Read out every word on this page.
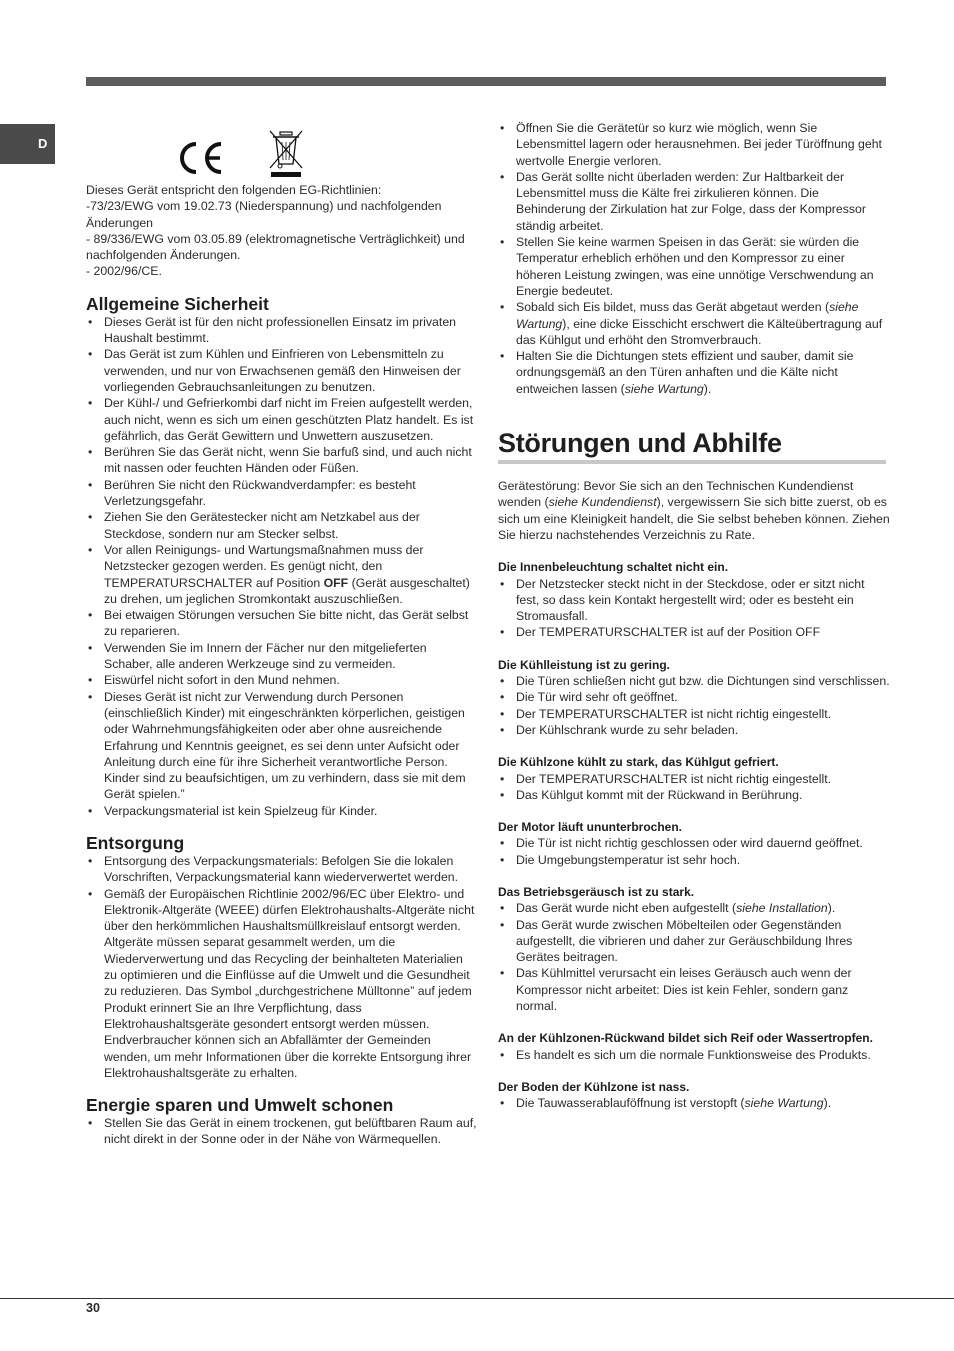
D

Dieses Gerät entspricht den folgenden EG-Richtlinien:

-73/23/EWG vom 19.02.73 (Niederspannung) und nachfolgenden Änderungen

- 89/336/EWG vom 03.05.89 (elektromagnetische Verträglichkeit) und nachfolgenden Änderungen.

- 2002/96/CE.

Allgemeine Sicherheit
• Dieses Gerät ist für den nicht professionellen Einsatz im privaten Haushalt bestimmt.
• Das Gerät ist zum Kühlen und Einfrieren von Lebensmitteln zu verwenden, und nur von Erwachsenen gemäß den Hinweisen der vorliegenden Gebrauchsanleitungen zu benutzen.
• Der Kühl-/ und Gefrierkombi darf nicht im Freien aufgestellt werden, auch nicht, wenn es sich um einen geschützten Platz handelt. Es ist gefährlich, das Gerät Gewittern und Unwettern auszusetzen.
• Berühren Sie das Gerät nicht, wenn Sie barfuß sind, und auch nicht mit nassen oder feuchten Händen oder Füßen.
• Berühren Sie nicht den Rückwandverdampfer: es besteht Verletzungsgefahr.
• Ziehen Sie den Gerätestecker nicht am Netzkabel aus der Steckdose, sondern nur am Stecker selbst.
• Vor allen Reinigungs- und Wartungsmaßnahmen muss der Netzstecker gezogen werden. Es genügt nicht, den TEMPERATURSCHALTER auf Position OFF (Gerät ausgeschaltet) zu drehen, um jeglichen Stromkontakt auszuschließen.
• Bei etwaigen Störungen versuchen Sie bitte nicht, das Gerät selbst zu reparieren.
• Verwenden Sie im Innern der Fächer nur den mitgelieferten Schaber, alle anderen Werkzeuge sind zu vermeiden.
• Eiswürfel nicht sofort in den Mund nehmen.
• Dieses Gerät ist nicht zur Verwendung durch Personen (einschließlich Kinder) mit eingeschränkten körperlichen, geistigen oder Wahrnehmungsfähigkeiten oder aber ohne ausreichende Erfahrung und Kenntnis geeignet, es sei denn unter Aufsicht oder Anleitung durch eine für ihre Sicherheit verantwortliche Person. Kinder sind zu beaufsichtigen, um zu verhindern, dass sie mit dem Gerät spielen.”
• Verpackungsmaterial ist kein Spielzeug für Kinder.
Entsorgung
• Entsorgung des Verpackungsmaterials: Befolgen Sie die lokalen Vorschriften, Verpackungsmaterial kann wiederverwertet werden.
• Gemäß der Europäischen Richtlinie 2002/96/EC über Elektro- und Elektronik-Altgeräte (WEEE) dürfen Elektrohaushalts-Altgeräte nicht über den herkömmlichen Haushaltsmüllkreislauf entsorgt werden. Altgeräte müssen separat gesammelt werden, um die Wiederverwertung und das Recycling der beinhalteten Materialien zu optimieren und die Einflüsse auf die Umwelt und die Gesundheit zu reduzieren. Das Symbol „durchgestrichene Mülltonne” auf jedem Produkt erinnert Sie an Ihre Verpflichtung, dass Elektrohaushaltsgeräte gesondert entsorgt werden müssen. Endverbraucher können sich an Abfallämter der Gemeinden wenden, um mehr Informationen über die korrekte Entsorgung ihrer Elektrohaushaltsgeräte zu erhalten.
Energie sparen und Umwelt schonen
• Stellen Sie das Gerät in einem trockenen, gut belüftbaren Raum auf, nicht direkt in der Sonne oder in der Nähe von Wärmequellen.
• Öffnen Sie die Gerätetür so kurz wie möglich, wenn Sie Lebensmittel lagern oder herausnehmen. Bei jeder Türöffnung geht wertvolle Energie verloren.
• Das Gerät sollte nicht überladen werden: Zur Haltbarkeit der Lebensmittel muss die Kälte frei zirkulieren können. Die Behinderung der Zirkulation hat zur Folge, dass der Kompressor ständig arbeitet.
• Stellen Sie keine warmen Speisen in das Gerät: sie würden die Temperatur erheblich erhöhen und den Kompressor zu einer höheren Leistung zwingen, was eine unnötige Verschwendung an Energie bedeutet.
• Sobald sich Eis bildet, muss das Gerät abgetaut werden (siehe Wartung), eine dicke Eisschicht erschwert die Kälteübertragung auf das Kühlgut und erhöht den Stromverbrauch.
• Halten Sie die Dichtungen stets effizient und sauber, damit sie ordnungsgemäß an den Türen anhaften und die Kälte nicht entweichen lassen (siehe Wartung).
Störungen und Abhilfe

Gerätestörung: Bevor Sie sich an den Technischen Kundendienst wenden (siehe Kundendienst), vergewissern Sie sich bitte zuerst, ob es sich um eine Kleinigkeit handelt, die Sie selbst beheben können. Ziehen Sie hierzu nachstehendes Verzeichnis zu Rate.

Die Innenbeleuchtung schaltet nicht ein.

• Der Netzstecker steckt nicht in der Steckdose, oder er sitzt nicht fest, so dass kein Kontakt hergestellt wird; oder es besteht ein Stromausfall.
• Der TEMPERATURSCHALTER ist auf der Position OFF

Die Kühlleistung ist zu gering.

• Die Türen schließen nicht gut bzw. die Dichtungen sind verschlissen.
• Die Tür wird sehr oft geöffnet.
• Der TEMPERATURSCHALTER ist nicht richtig eingestellt.
• Der Kühlschrank wurde zu sehr beladen.

Die Kühlzone kühlt zu stark, das Kühlgut gefriert.

• Der TEMPERATURSCHALTER ist nicht richtig eingestellt.
• Das Kühlgut kommt mit der Rückwand in Berührung.

Der Motor läuft ununterbrochen.

• Die Tür ist nicht richtig geschlossen oder wird dauernd geöffnet.
• Die Umgebungstemperatur ist sehr hoch.

Das Betriebsgeräusch ist zu stark.

• Das Gerät wurde nicht eben aufgestellt (siehe Installation).
• Das Gerät wurde zwischen Möbelteilen oder Gegenständen aufgestellt, die vibrieren und daher zur Geräuschbildung Ihres Gerätes beitragen.
• Das Kühlmittel verursacht ein leises Geräusch auch wenn der Kompressor nicht arbeitet: Dies ist kein Fehler, sondern ganz normal.

An der Kühlzonen-Rückwand bildet sich Reif oder Wassertropfen.

• Es handelt es sich um die normale Funktionsweise des Produkts.

Der Boden der Kühlzone ist nass.

• Die Tauwasserablauföffnung ist verstopft (siehe Wartung).
30
